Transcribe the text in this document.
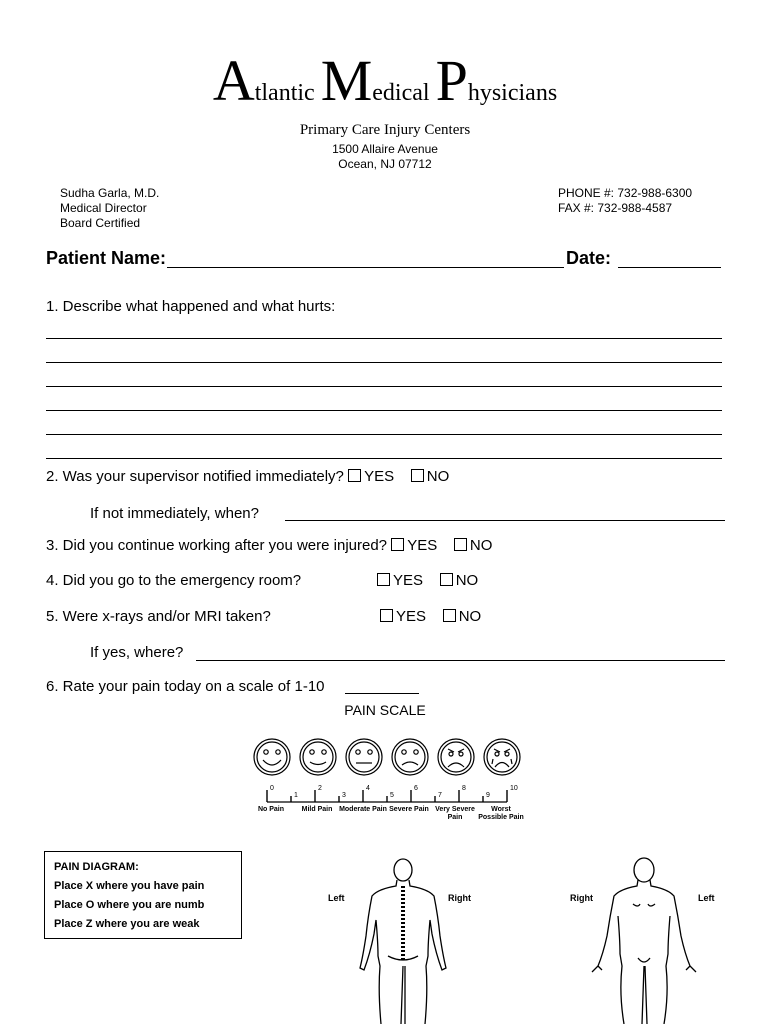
Atlantic Medical Physicians
Primary Care Injury Centers
1500 Allaire Avenue
Ocean, NJ 07712
Sudha Garla, M.D.
Medical Director
Board Certified
PHONE #: 732-988-6300
FAX #: 732-988-4587
Patient Name:	Date:
1. Describe what happened and what hurts:
2. Was your supervisor notified immediately? YES NO
If not immediately, when?
3. Did you continue working after you were injured? YES NO
4. Did you go to the emergency room?	YES NO
5. Were x-rays and/or MRI taken?	YES NO
If yes, where?
6. Rate your pain today on a scale of 1-10
PAIN SCALE
0
1
2
3
4
5
6
7
8
9
10
No Pain	Mild Pain Moderate Pain Severe Pain Very Severe Pain
Worst Possible Pain
PAIN DIAGRAM:
Place X where you have pain
Place O where you are numb
Place Z where you are weak
Left	Right	Right	Left
